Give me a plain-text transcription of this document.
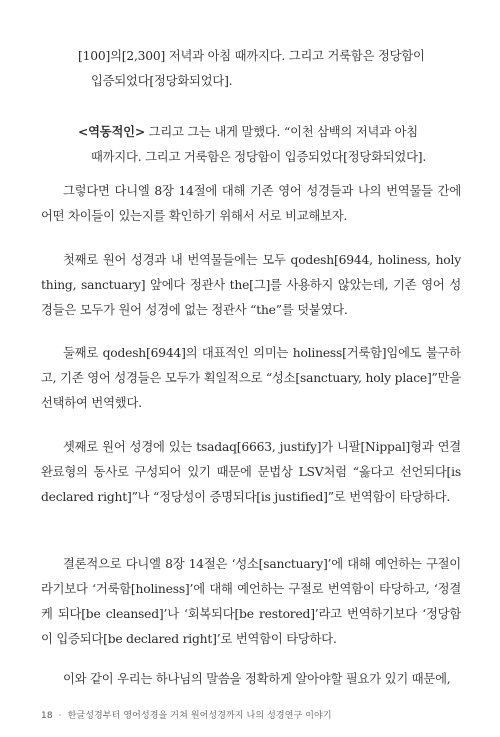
[100]의[2,300] 저녁과 아침 때까지다. 그리고 거룩함은 정당함이 입증되었다[정당화되었다].
<역동적인> 그리고 그는 내게 말했다. “이천 삼백의 저녁과 아침 때까지다. 그리고 거룩함은 정당함이 입증되었다[정당화되었다].

그렇다면 다니엘 8장 14절에 대해 기존 영어 성경들과 나의 번역물들 간에 어떤 차이들이 있는지를 확인하기 위해서 서로 비교해보자.

첫째로 원어 성경과 내 번역물들에는 모두 qodesh[6944, holiness, holy thing, sanctuary] 앞에다 정관사 the[그]를 사용하지 않았는데, 기존 영어 성경들은 모두가 원어 성경에 없는 정관사 “the”를 덧붙였다.

둘째로 qodesh[6944]의 대표적인 의미는 holiness[거룩함]임에도 불구하고, 기존 영어 성경들은 모두가 획일적으로 “성소[sanctuary, holy place]”만을 선택하여 번역했다.

셋째로 원어 성경에 있는 tsadaq[6663, justify]가 니팔[Nippal]형과 연결완료형의 동사로 구성되어 있기 때문에 문법상 LSV처럼 “옳다고 선언되다[is declared right]”나 “정당성이 증명되다[is justified]”로 번역함이 타당하다.

결론적으로 다니엘 8장 14절은 ‘성소[sanctuary]’에 대해 예언하는 구절이라기보다 ‘거룩함[holiness]’에 대해 예언하는 구절로 번역함이 타당하고, ‘정결케 되다[be cleansed]’나 ‘회복되다[be restored]’라고 번역하기보다 ‘정당함이 입증되다[be declared right]’로 번역함이 타당하다.

이와 같이 우리는 하나님의 말씀을 정확하게 알아야할 필요가 있기 때문에,

18 · 한글성경부터 영어성경을 거쳐 원어성경까지 나의 성경연구 이야기
